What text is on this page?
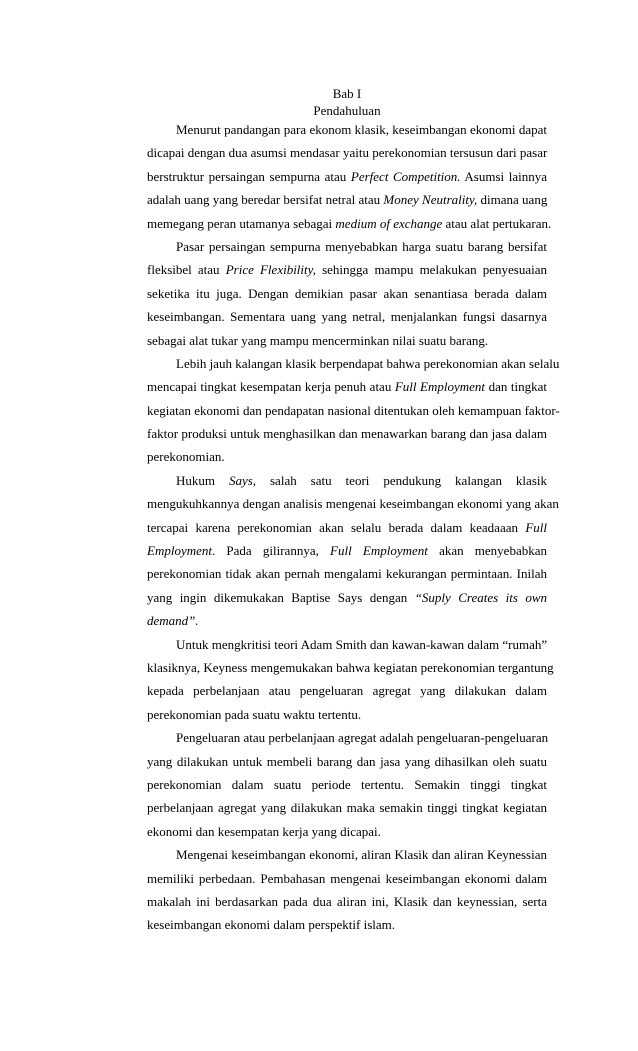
Bab I
Pendahuluan
Menurut pandangan para ekonom klasik, keseimbangan ekonomi dapat
dicapai dengan dua asumsi mendasar yaitu perekonomian tersusun dari pasar
berstruktur persaingan sempurna atau Perfect Competition. Asumsi lainnya
adalah uang yang beredar bersifat netral atau Money Neutrality, dimana uang
memegang peran utamanya sebagai medium of exchange atau alat pertukaran.
Pasar persaingan sempurna menyebabkan harga suatu barang bersifat
fleksibel atau Price Flexibility, sehingga mampu melakukan penyesuaian
seketika itu juga. Dengan demikian pasar akan senantiasa berada dalam
keseimbangan. Sementara uang yang netral, menjalankan fungsi dasarnya
sebagai alat tukar yang mampu mencerminkan nilai suatu barang.
Lebih jauh kalangan klasik berpendapat bahwa perekonomian akan selalu
mencapai tingkat kesempatan kerja penuh atau Full Employment dan tingkat
kegiatan ekonomi dan pendapatan nasional ditentukan oleh kemampuan faktor-
faktor produksi untuk menghasilkan dan menawarkan barang dan jasa dalam
perekonomian.
Hukum Says, salah satu teori pendukung kalangan klasik
mengukuhkannya dengan analisis mengenai keseimbangan ekonomi yang akan
tercapai karena perekonomian akan selalu berada dalam keadaaan Full
Employment. Pada gilirannya, Full Employment akan menyebabkan
perekonomian tidak akan pernah mengalami kekurangan permintaan. Inilah
yang ingin dikemukakan Baptise Says dengan “Suply Creates its own
demand”.
Untuk mengkritisi teori Adam Smith dan kawan-kawan dalam “rumah”
klasiknya, Keyness mengemukakan bahwa kegiatan perekonomian tergantung
kepada perbelanjaan atau pengeluaran agregat yang dilakukan dalam
perekonomian pada suatu waktu tertentu.
Pengeluaran atau perbelanjaan agregat adalah pengeluaran-pengeluaran
yang dilakukan untuk membeli barang dan jasa yang dihasilkan oleh suatu
perekonomian dalam suatu periode tertentu. Semakin tinggi tingkat
perbelanjaan agregat yang dilakukan maka semakin tinggi tingkat kegiatan
ekonomi dan kesempatan kerja yang dicapai.
Mengenai keseimbangan ekonomi, aliran Klasik dan aliran Keynessian
memiliki perbedaan. Pembahasan mengenai keseimbangan ekonomi dalam
makalah ini berdasarkan pada dua aliran ini, Klasik dan keynessian, serta
keseimbangan ekonomi dalam perspektif islam.
